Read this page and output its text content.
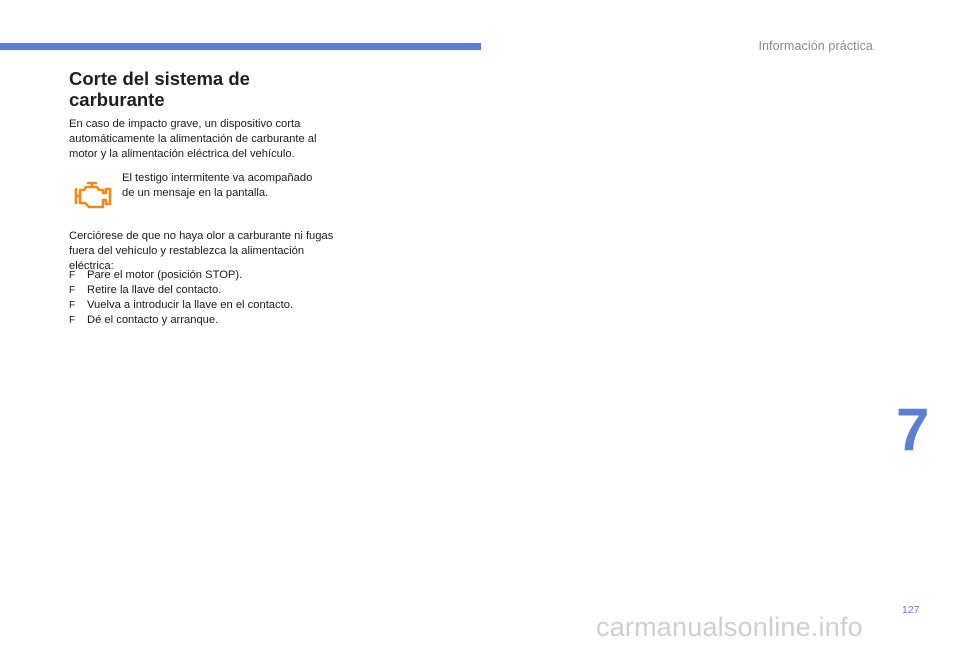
Información práctica
Corte del sistema de carburante

En caso de impacto grave, un dispositivo corta automáticamente la alimentación de carburante al motor y la alimentación eléctrica del vehículo.

El testigo intermitente va acompañado de un mensaje en la pantalla.

Cerciórese de que no haya olor a carburante ni fugas fuera del vehículo y restablezca la alimentación eléctrica:

F Pare el motor (posición STOP).
F Retire la llave del contacto.
F Vuelva a introducir la llave en el contacto.
F Dé el contacto y arranque.
7
127
carmanualsonline.info
